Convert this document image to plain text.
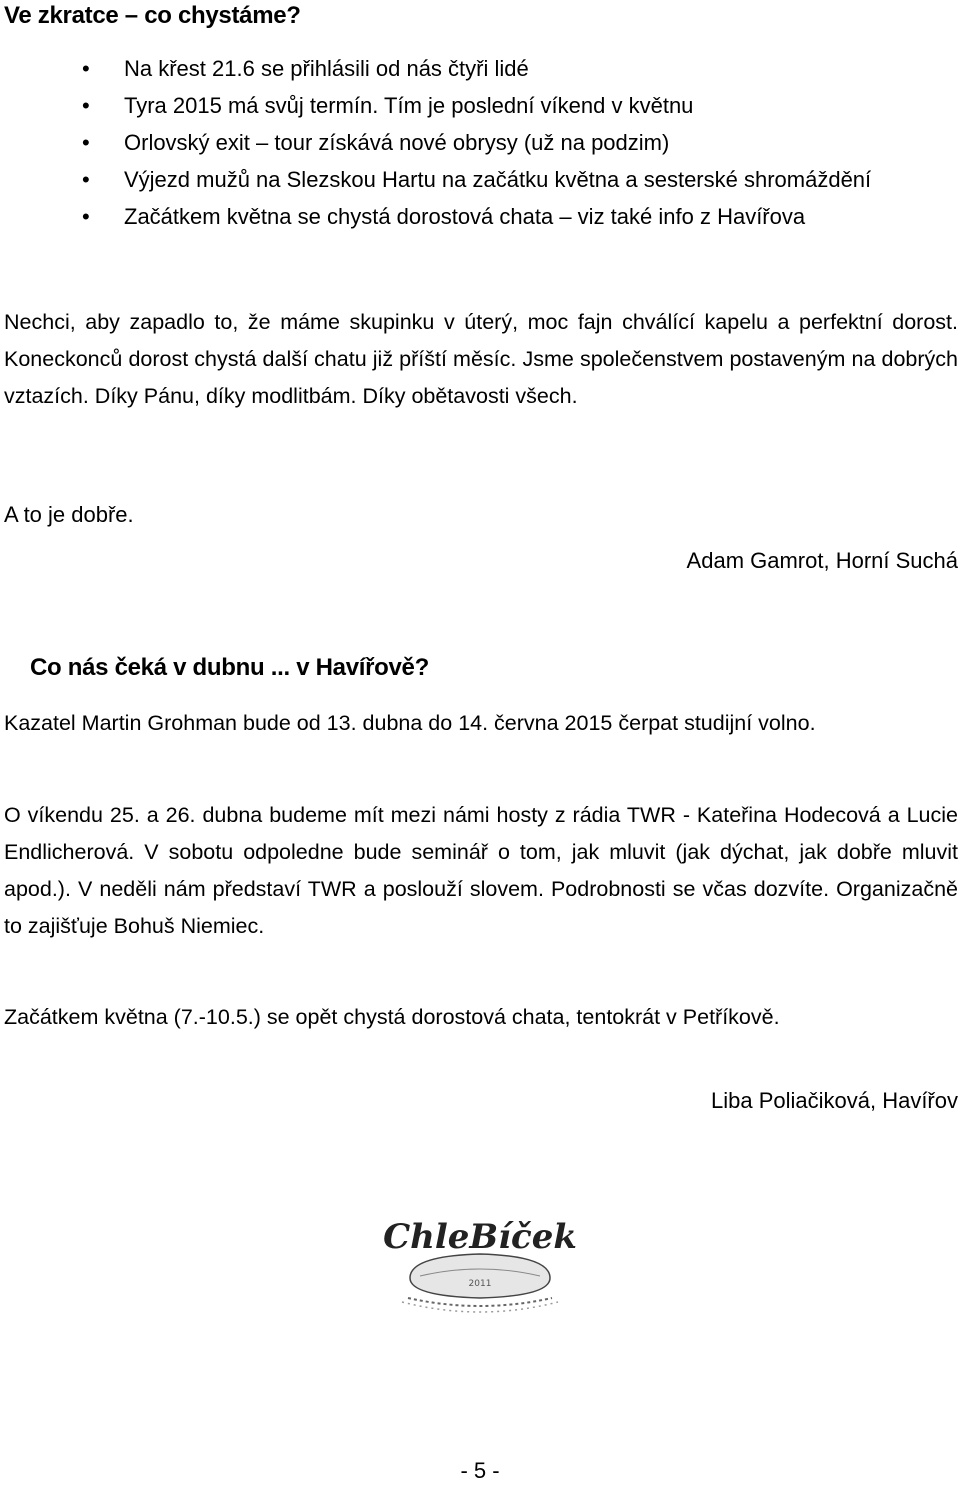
Ve zkratce – co chystáme?
• Na křest 21.6 se přihlásili od nás čtyři lidé
• Tyra 2015 má svůj termín. Tím je poslední víkend v květnu
• Orlovský exit – tour získává nové obrysy (už na podzim)
• Výjezd mužů na Slezskou Hartu na začátku května a sesterské shromáždění
• Začátkem května se chystá dorostová chata – viz také info z Havířova

Nechci, aby zapadlo to, že máme skupinku v úterý, moc fajn chválící kapelu a perfektní dorost. Koneckonců dorost chystá další chatu již příští měsíc. Jsme společenstvem postaveným na dobrých vztazích. Díky Pánu, díky modlitbám. Díky obětavosti všech.

A to je dobře.

Adam Gamrot, Horní Suchá

Co nás čeká v dubnu ... v Havířově?

Kazatel Martin Grohman bude od 13. dubna do 14. června 2015 čerpat studijní volno.

O víkendu 25. a 26. dubna budeme mít mezi námi hosty z rádia TWR - Kateřina Hodecová a Lucie Endlicherová. V sobotu odpoledne bude seminář o tom, jak mluvit (jak dýchat, jak dobře mluvit apod.). V neděli nám představí TWR a poslouží slovem. Podrobnosti se včas dozvíte. Organizačně to zajišťuje Bohuš Niemiec.

Začátkem května (7.-10.5.) se opět chystá dorostová chata, tentokrát v Petříkově.

Liba Poliačiková, Havířov

ChleBíček
2011
- 5 -
